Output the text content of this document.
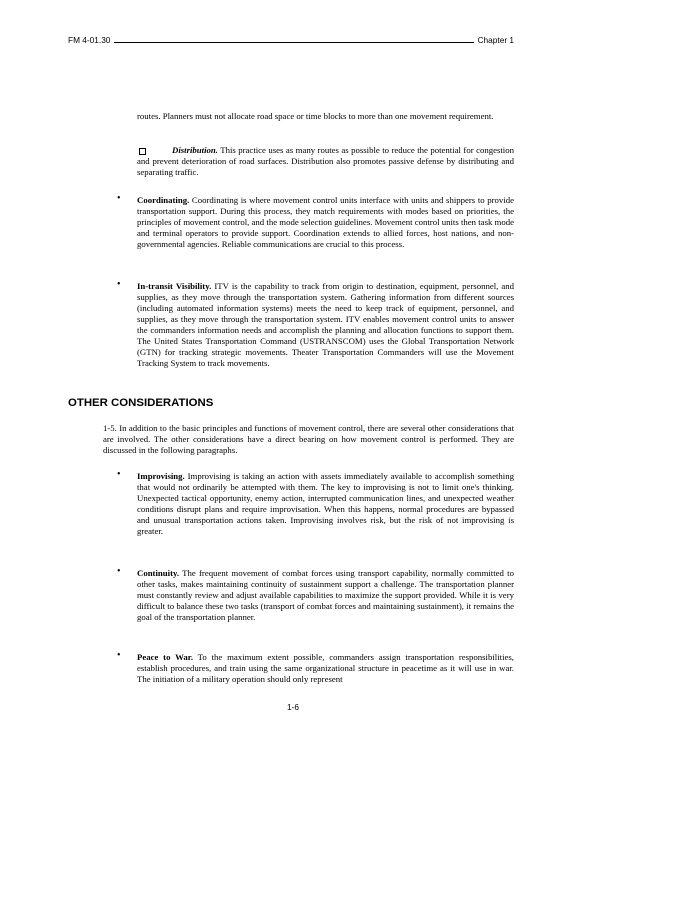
FM 4-01.30	Chapter 1

routes. Planners must not allocate road space or time blocks to more than one movement requirement.

Distribution. This practice uses as many routes as possible to reduce the potential for congestion and prevent deterioration of road surfaces. Distribution also promotes passive defense by distributing and separating traffic.

• Coordinating. Coordinating is where movement control units interface with units and shippers to provide transportation support. During this process, they match requirements with modes based on priorities, the principles of movement control, and the mode selection guidelines. Movement control units then task mode and terminal operators to provide support. Coordination extends to allied forces, host nations, and non-governmental agencies. Reliable communications are crucial to this process.

• In-transit Visibility. ITV is the capability to track from origin to destination, equipment, personnel, and supplies, as they move through the transportation system. Gathering information from different sources (including automated information systems) meets the need to keep track of equipment, personnel, and supplies, as they move through the transportation system. ITV enables movement control units to answer the commanders information needs and accomplish the planning and allocation functions to support them. The United States Transportation Command (USTRANSCOM) uses the Global Transportation Network (GTN) for tracking strategic movements. Theater Transportation Commanders will use the Movement Tracking System to track movements.

OTHER CONSIDERATIONS

1-5. In addition to the basic principles and functions of movement control, there are several other considerations that are involved. The other considerations have a direct bearing on how movement control is performed. They are discussed in the following paragraphs.

• Improvising. Improvising is taking an action with assets immediately available to accomplish something that would not ordinarily be attempted with them. The key to improvising is not to limit one's thinking. Unexpected tactical opportunity, enemy action, interrupted communication lines, and unexpected weather conditions disrupt plans and require improvisation. When this happens, normal procedures are bypassed and unusual transportation actions taken. Improvising involves risk, but the risk of not improvising is greater.

• Continuity. The frequent movement of combat forces using transport capability, normally committed to other tasks, makes maintaining continuity of sustainment support a challenge. The transportation planner must constantly review and adjust available capabilities to maximize the support provided. While it is very difficult to balance these two tasks (transport of combat forces and maintaining sustainment), it remains the goal of the transportation planner.

• Peace to War. To the maximum extent possible, commanders assign transportation responsibilities, establish procedures, and train using the same organizational structure in peacetime as it will use in war. The initiation of a military operation should only represent

1-6
